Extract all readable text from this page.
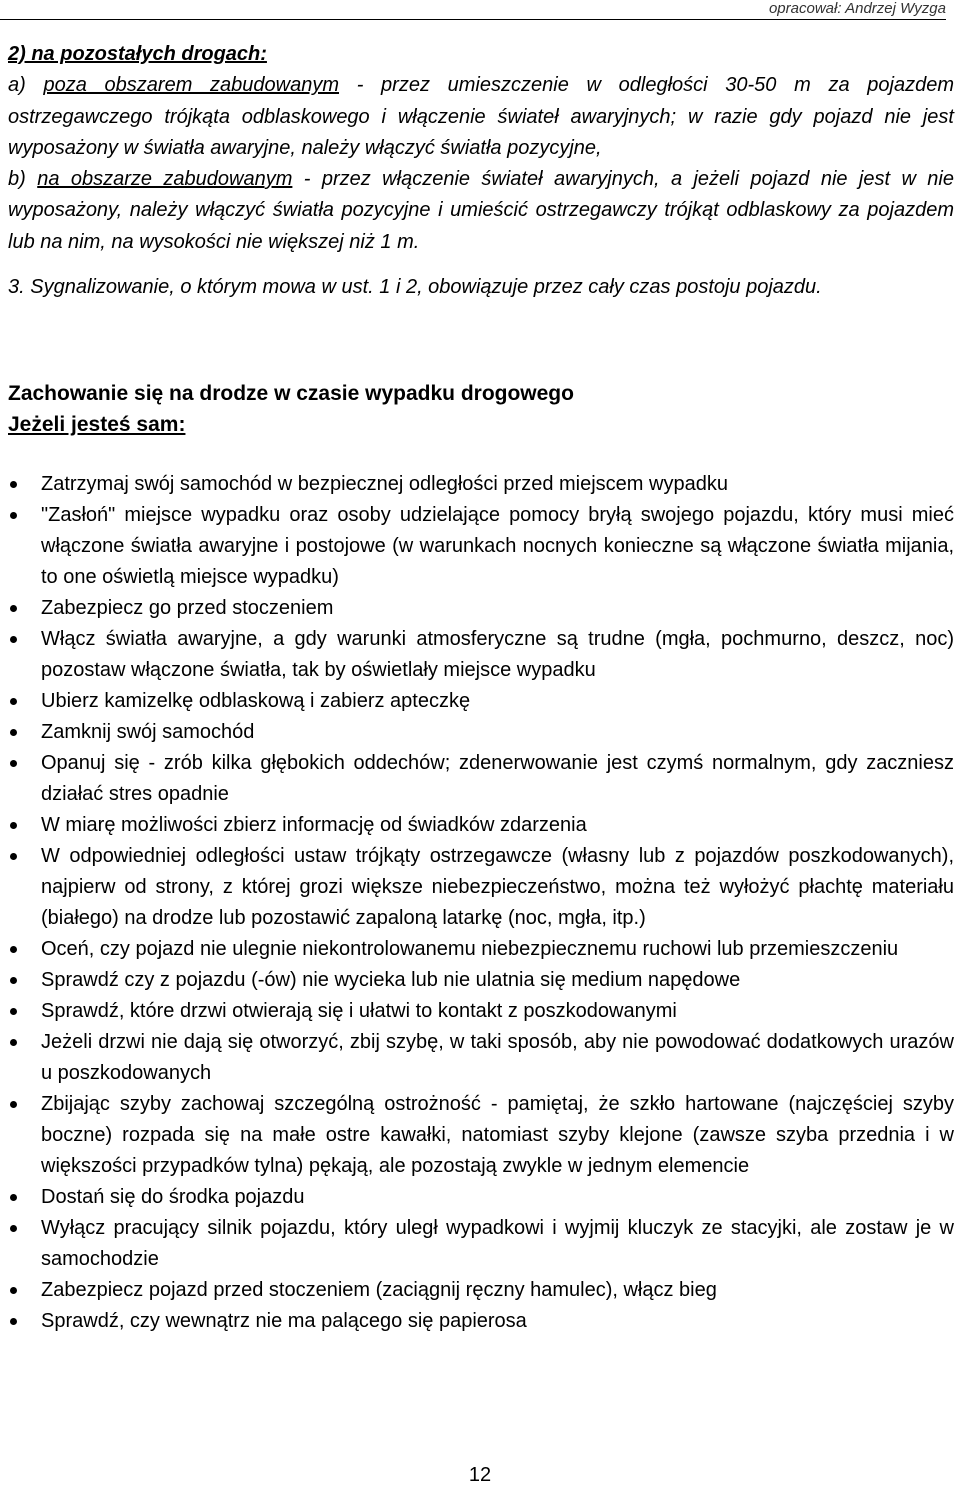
opracował: Andrzej Wyzga

2) na pozostałych drogach:

a) poza obszarem zabudowanym - przez umieszczenie w odległości 30-50 m za pojazdem ostrzegawczego trójkąta odblaskowego i włączenie świateł awaryjnych; w razie gdy pojazd nie jest wyposażony w światła awaryjne, należy włączyć światła pozycyjne,

b) na obszarze zabudowanym - przez włączenie świateł awaryjnych, a jeżeli pojazd nie jest w nie wyposażony, należy włączyć światła pozycyjne i umieścić ostrzegawczy trójkąt odblaskowy za pojazdem lub na nim, na wysokości nie większej niż 1 m.

3. Sygnalizowanie, o którym mowa w ust. 1 i 2, obowiązuje przez cały czas postoju pojazdu.

Zachowanie się na drodze w czasie wypadku drogowego
Jeżeli jesteś sam:
Zatrzymaj swój samochód w bezpiecznej odległości przed miejscem wypadku
"Zasłoń" miejsce wypadku oraz osoby udzielające pomocy bryłą swojego pojazdu, który musi mieć włączone światła awaryjne i postojowe (w warunkach nocnych konieczne są włączone światła mijania, to one oświetlą miejsce wypadku)
Zabezpiecz go przed stoczeniem
Włącz światła awaryjne, a gdy warunki atmosferyczne są trudne (mgła, pochmurno, deszcz, noc) pozostaw włączone światła, tak by oświetlały miejsce wypadku
Ubierz kamizelkę odblaskową i zabierz apteczkę
Zamknij swój samochód
Opanuj się - zrób kilka głębokich oddechów; zdenerwowanie jest czymś normalnym, gdy zaczniesz działać stres opadnie
W miarę możliwości zbierz informację od świadków zdarzenia
W odpowiedniej odległości ustaw trójkąty ostrzegawcze (własny lub z pojazdów poszkodowanych), najpierw od strony, z której grozi większe niebezpieczeństwo, można też wyłożyć płachtę materiału (białego) na drodze lub pozostawić zapaloną latarkę (noc, mgła, itp.)
Oceń, czy pojazd nie ulegnie niekontrolowanemu niebezpiecznemu ruchowi lub przemieszczeniu
Sprawdź czy z pojazdu (-ów) nie wycieka lub nie ulatnia się medium napędowe
Sprawdź, które drzwi otwierają się i ułatwi to kontakt z poszkodowanymi
Jeżeli drzwi nie dają się otworzyć, zbij szybę, w taki sposób, aby nie powodować dodatkowych urazów u poszkodowanych
Zbijając szyby zachowaj szczególną ostrożność - pamiętaj, że szkło hartowane (najczęściej szyby boczne) rozpada się na małe ostre kawałki, natomiast szyby klejone (zawsze szyba przednia i w większości przypadków tylna) pękają, ale pozostają zwykle w jednym elemencie
Dostań się do środka pojazdu
Wyłącz pracujący silnik pojazdu, który uległ wypadkowi i wyjmij kluczyk ze stacyjki, ale zostaw je w samochodzie
Zabezpiecz pojazd przed stoczeniem (zaciągnij ręczny hamulec), włącz bieg
Sprawdź, czy wewnątrz nie ma palącego się papierosa
12
